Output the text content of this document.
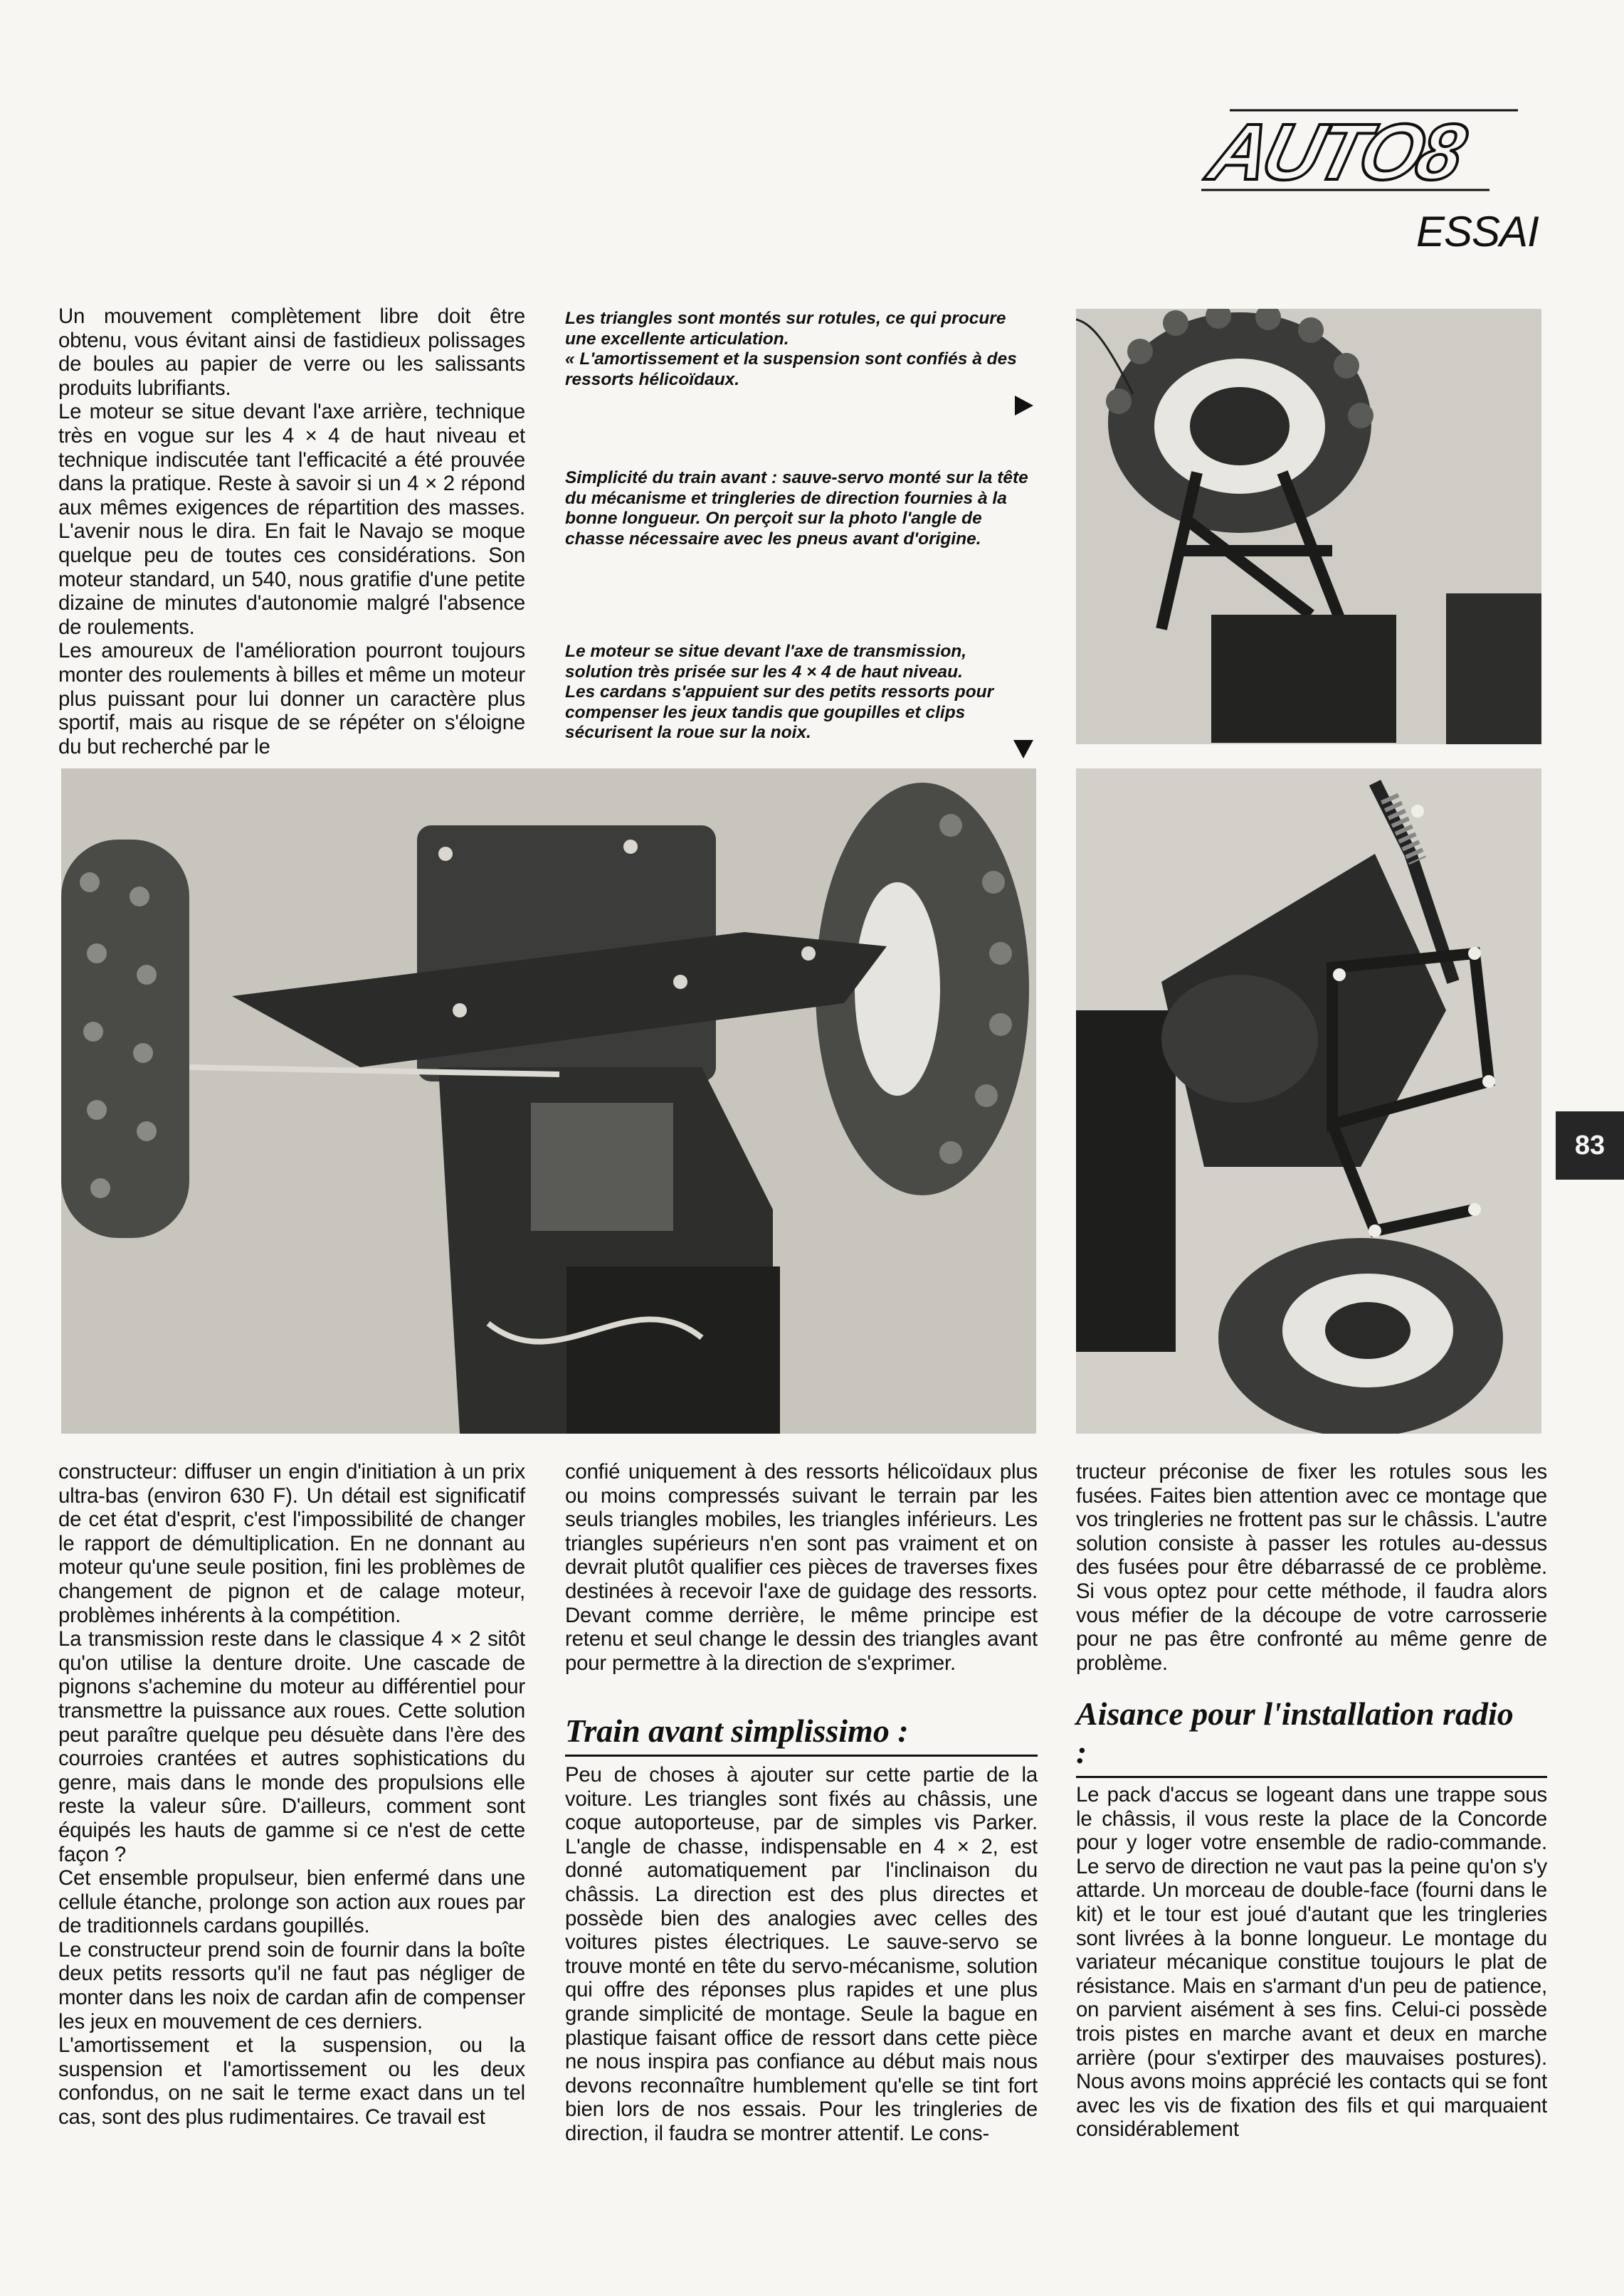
AUTO8
ESSAI

Un mouvement complètement libre doit être obtenu, vous évitant ainsi de fastidieux polissages de boules au papier de verre ou les salissants produits lubrifiants.
Le moteur se situe devant l'axe arrière, technique très en vogue sur les 4 × 4 de haut niveau et technique indiscutée tant l'efficacité a été prouvée dans la pratique. Reste à savoir si un 4 × 2 répond aux mêmes exigences de répartition des masses. L'avenir nous le dira. En fait le Navajo se moque quelque peu de toutes ces considérations. Son moteur standard, un 540, nous gratifie d'une petite dizaine de minutes d'autonomie malgré l'absence de roulements.
Les amoureux de l'amélioration pourront toujours monter des roulements à billes et même un moteur plus puissant pour lui donner un caractère plus sportif, mais au risque de se répéter on s'éloigne du but recherché par le

Les triangles sont montés sur rotules, ce qui procure une excellente articulation.
« L'amortissement et la suspension sont confiés à des ressorts hélicoïdaux.

Simplicité du train avant : sauve-servo monté sur la tête du mécanisme et tringleries de direction fournies à la bonne longueur. On perçoit sur la photo l'angle de chasse nécessaire avec les pneus avant d'origine.

Le moteur se situe devant l'axe de transmission, solution très prisée sur les 4 × 4 de haut niveau.
Les cardans s'appuient sur des petits ressorts pour compenser les jeux tandis que goupilles et clips sécurisent la roue sur la noix.

83

constructeur: diffuser un engin d'initiation à un prix ultra-bas (environ 630 F). Un détail est significatif de cet état d'esprit, c'est l'impossibilité de changer le rapport de démultiplication. En ne donnant au moteur qu'une seule position, fini les problèmes de changement de pignon et de calage moteur, problèmes inhérents à la compétition.
La transmission reste dans le classique 4 × 2 sitôt qu'on utilise la denture droite. Une cascade de pignons s'achemine du moteur au différentiel pour transmettre la puissance aux roues. Cette solution peut paraître quelque peu désuète dans l'ère des courroies crantées et autres sophistications du genre, mais dans le monde des propulsions elle reste la valeur sûre. D'ailleurs, comment sont équipés les hauts de gamme si ce n'est de cette façon ?
Cet ensemble propulseur, bien enfermé dans une cellule étanche, prolonge son action aux roues par de traditionnels cardans goupillés.
Le constructeur prend soin de fournir dans la boîte deux petits ressorts qu'il ne faut pas négliger de monter dans les noix de cardan afin de compenser les jeux en mouvement de ces derniers.
L'amortissement et la suspension, ou la suspension et l'amortissement ou les deux confondus, on ne sait le terme exact dans un tel cas, sont des plus rudimentaires. Ce travail est

confié uniquement à des ressorts hélicoïdaux plus ou moins compressés suivant le terrain par les seuls triangles mobiles, les triangles inférieurs. Les triangles supérieurs n'en sont pas vraiment et on devrait plutôt qualifier ces pièces de traverses fixes destinées à recevoir l'axe de guidage des ressorts. Devant comme derrière, le même principe est retenu et seul change le dessin des triangles avant pour permettre à la direction de s'exprimer.

Train avant simplissimo :

Peu de choses à ajouter sur cette partie de la voiture. Les triangles sont fixés au châssis, une coque autoporteuse, par de simples vis Parker. L'angle de chasse, indispensable en 4 × 2, est donné automatiquement par l'inclinaison du châssis. La direction est des plus directes et possède bien des analogies avec celles des voitures pistes électriques. Le sauve-servo se trouve monté en tête du servo-mécanisme, solution qui offre des réponses plus rapides et une plus grande simplicité de montage. Seule la bague en plastique faisant office de ressort dans cette pièce ne nous inspira pas confiance au début mais nous devons reconnaître humblement qu'elle se tint fort bien lors de nos essais. Pour les tringleries de direction, il faudra se montrer attentif. Le cons-

tructeur préconise de fixer les rotules sous les fusées. Faites bien attention avec ce montage que vos tringleries ne frottent pas sur le châssis. L'autre solution consiste à passer les rotules au-dessus des fusées pour être débarrassé de ce problème. Si vous optez pour cette méthode, il faudra alors vous méfier de la découpe de votre carrosserie pour ne pas être confronté au même genre de problème.

Aisance pour l'installation radio :

Le pack d'accus se logeant dans une trappe sous le châssis, il vous reste la place de la Concorde pour y loger votre ensemble de radio-commande. Le servo de direction ne vaut pas la peine qu'on s'y attarde. Un morceau de double-face (fourni dans le kit) et le tour est joué d'autant que les tringleries sont livrées à la bonne longueur. Le montage du variateur mécanique constitue toujours le plat de résistance. Mais en s'armant d'un peu de patience, on parvient aisément à ses fins. Celui-ci possède trois pistes en marche avant et deux en marche arrière (pour s'extirper des mauvaises postures). Nous avons moins apprécié les contacts qui se font avec les vis de fixation des fils et qui marquaient considérablement
